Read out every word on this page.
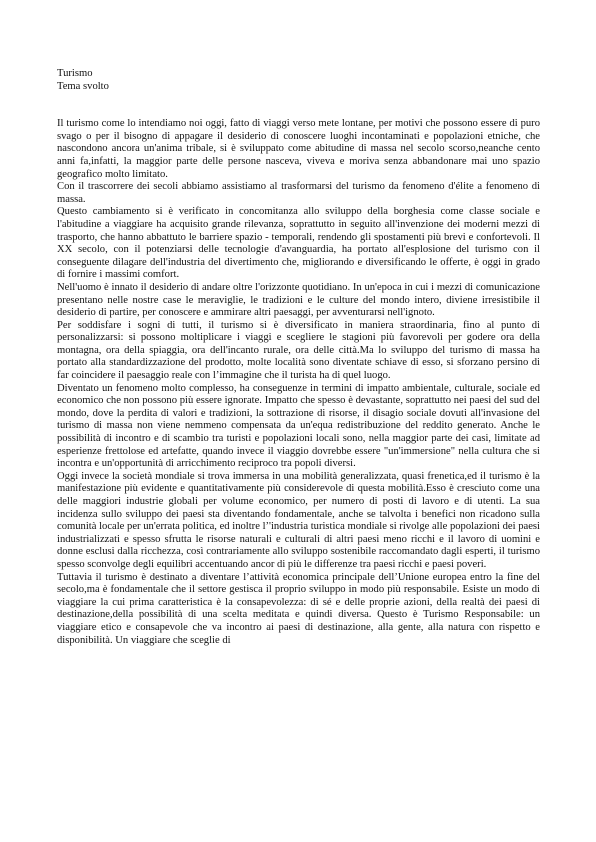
Turismo
Tema svolto

Il turismo come lo intendiamo noi oggi, fatto di viaggi verso mete lontane, per motivi che possono essere di puro svago o per il bisogno di appagare il desiderio di conoscere luoghi incontaminati e popolazioni etniche, che nascondono ancora un'anima tribale, si è sviluppato come abitudine di massa nel secolo scorso,neanche cento anni fa,infatti, la maggior parte delle persone nasceva, viveva e moriva senza abbandonare mai uno spazio geografico molto limitato.

Con il trascorrere dei secoli abbiamo assistiamo al trasformarsi del turismo da fenomeno d'élite a fenomeno di massa.

Questo cambiamento si è verificato in concomitanza allo sviluppo della borghesia come classe sociale e l'abitudine a viaggiare ha acquisito grande rilevanza, soprattutto in seguito all'invenzione dei moderni mezzi di trasporto, che hanno abbattuto le barriere spazio - temporali, rendendo gli spostamenti più brevi e confortevoli. Il XX secolo, con il potenziarsi delle tecnologie d'avanguardia, ha portato all'esplosione del turismo con il conseguente dilagare dell'industria del divertimento che, migliorando e diversificando le offerte, è oggi in grado di fornire i massimi comfort.

Nell'uomo è innato il desiderio di andare oltre l'orizzonte quotidiano. In un'epoca in cui i mezzi di comunicazione presentano nelle nostre case le meraviglie, le tradizioni e le culture del mondo intero, diviene irresistibile il desiderio di partire, per conoscere e ammirare altri paesaggi, per avventurarsi nell'ignoto.

Per soddisfare i sogni di tutti, il turismo si è diversificato in maniera straordinaria, fino al punto di personalizzarsi: si possono moltiplicare i viaggi e scegliere le stagioni più favorevoli per godere ora della montagna, ora della spiaggia, ora dell'incanto rurale, ora delle città.Ma lo sviluppo del turismo di massa ha portato alla standardizzazione del prodotto, molte località sono diventate schiave di esso, si sforzano persino di far coincidere il paesaggio reale con l’immagine che il turista ha di quel luogo.

Diventato un fenomeno molto complesso, ha conseguenze in termini di impatto ambientale, culturale, sociale ed economico che non possono più essere ignorate. Impatto che spesso è devastante, soprattutto nei paesi del sud del mondo, dove la perdita di valori e tradizioni, la sottrazione di risorse, il disagio sociale dovuti all'invasione del turismo di massa non viene nemmeno compensata da un'equa redistribuzione del reddito generato. Anche le possibilità di incontro e di scambio tra turisti e popolazioni locali sono, nella maggior parte dei casi, limitate ad esperienze frettolose ed artefatte, quando invece il viaggio dovrebbe essere "un'immersione" nella cultura che si incontra e un'opportunità di arricchimento reciproco tra popoli diversi.

Oggi invece la società mondiale si trova immersa in una mobilità generalizzata, quasi frenetica,ed il turismo è la manifestazione più evidente e quantitativamente più considerevole di questa mobilità.Esso è cresciuto come una delle maggiori industrie globali per volume economico, per numero di posti di lavoro e di utenti. La sua incidenza sullo sviluppo dei paesi sta diventando fondamentale, anche se talvolta i benefici non ricadono sulla comunità locale per un'errata politica, ed inoltre l’'industria turistica mondiale si rivolge alle popolazioni dei paesi industrializzati e spesso sfrutta le risorse naturali e culturali di altri paesi meno ricchi e il lavoro di uomini e donne esclusi dalla ricchezza, così contrariamente allo sviluppo sostenibile raccomandato dagli esperti, il turismo spesso sconvolge degli equilibri accentuando ancor di più le differenze tra paesi ricchi e paesi poveri.

Tuttavia il turismo è destinato a diventare l’attività economica principale dell’Unione europea entro la fine del secolo,ma è fondamentale che il settore gestisca il proprio sviluppo in modo più responsabile. Esiste un modo di viaggiare la cui prima caratteristica è la consapevolezza: di sé e delle proprie azioni, della realtà dei paesi di destinazione,della possibilità di una scelta meditata e quindi diversa. Questo è Turismo Responsabile: un viaggiare etico e consapevole che va incontro ai paesi di destinazione, alla gente, alla natura con rispetto e disponibilità. Un viaggiare che sceglie di
